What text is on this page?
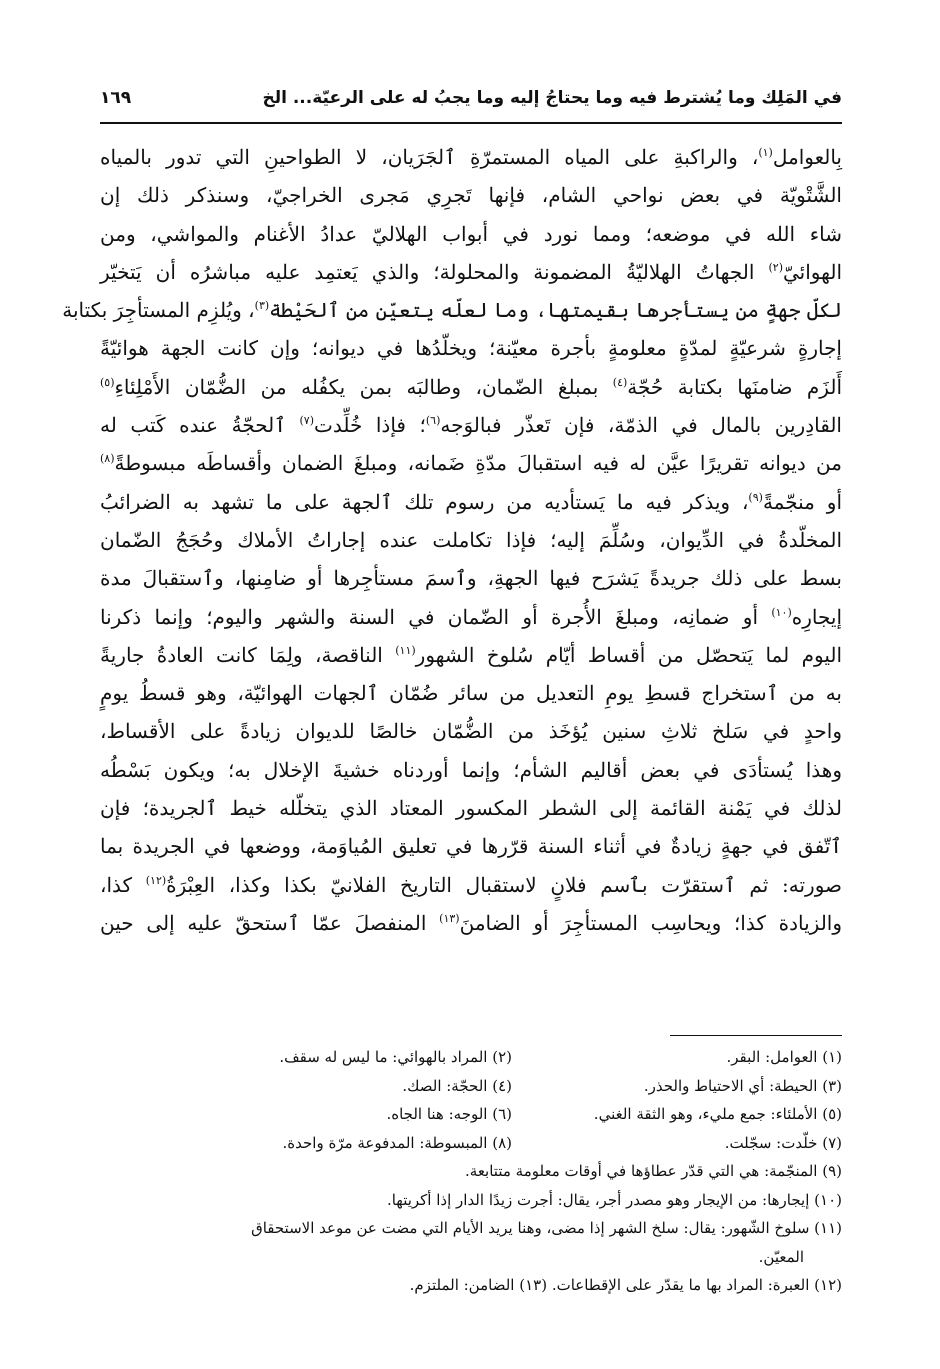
في المَلِك وما يُشترط فيه وما يحتاجُ إليه وما يجبُ له على الرعيّة... الخ
١٦٩
بِالعوامل$^{(١)}$، والراكبةِ على المياه المستمرّةِ ٱلجَرَيان، لا الطواحينِ التي تدور بالمياه
الشَّتْويّة في بعض نواحي الشام، فإنها تَجرِي مَجرى الخراجيّ، وسنذكر ذلك إن
شاء الله في موضعه؛ ومما نورد في أبواب الهلاليّ عدادُ الأغنام والمواشي، ومن
الهوائيّ$^{(٢)}$ الجهاتُ الهلاليّةُ المضمونة والمحلولة؛ والذي يَعتمِد عليه مباشرُه أن يَتخيّر
لكلّ جهةٍ من يستأجرها بقيمتها، وما لعلّه يتعيّن من ٱلحَيْطة$^{(٣)}$، ويُلزِم المستأجِرَ بكتابة
إجارةٍ شرعيّةٍ لمدّةٍ معلومةٍ بأجرة معيّنة؛ ويخلّدُها في ديوانه؛ وإن كانت الجهة هوائيّةً
أَلزَم ضامنَها بكتابة حُجّة$^{(٤)}$ بمبلغ الضّمان، وطالبَه بمن يكفُله من الضُّمّان الأَمْلِئاءِ$^{(٥)}$
القادِرين بالمال في الذمّة، فإن تَعذّر فبالوَجه$^{(٦)}$؛ فإذا خُلِّدت$^{(٧)}$ ٱلحجّةُ عنده كَتب له
من ديوانه تقريرًا عيَّن له فيه استقبالَ مدّةِ ضَمانه، ومبلغَ الضمان وأقساطَه مبسوطةً$^{(٨)}$
أو منجّمةً$^{(٩)}$، ويذكر فيه ما يَستأديه من رسوم تلك ٱلجهة على ما تشهد به الضرائبُ
المخلّدةُ في الدِّيوان، وسُلِّمَ إليه؛ فإذا تكاملت عنده إجاراتُ الأملاك وحُجَجُ الضّمان
بسط على ذلك جريدةً يَشرَح فيها الجهةِ، وٱسمَ مستأجِرها أو ضامِنها، وٱستقبالَ مدة
إيجارِه$^{(١٠)}$ أو ضمانِه، ومبلغَ الأُجرة أو الضّمان في السنة والشهر واليوم؛ وإنما ذكرنا
اليوم لما يَتحصّل من أقساط أيّام سُلوخ الشهور$^{(١١)}$ الناقصة، ولِمَا كانت العادةُ جاريةً
به من ٱستخراج قسطِ يومِ التعديل من سائر ضُمّان ٱلجهات الهوائيّة، وهو قسطُ يومٍ
واحدٍ في سَلخ ثلاثِ سنين يُؤخَذ من الضُّمّان خالصًا للديوان زيادةً على الأقساط،
وهذا يُستأدَى في بعض أقاليم الشأم؛ وإنما أوردناه خشيةَ الإخلال به؛ ويكون بَسْطُه
لذلك في يَمْنة القائمة إلى الشطر المكسور المعتاد الذي يتخلّله خيط ٱلجريدة؛ فإن
ٱتّفق في جهةٍ زيادةٌ في أثناء السنة قرّرها في تعليق المُياوَمة، ووضعها في الجريدة بما
صورته: ثم ٱستقرّت بٱسم فلانٍ لاستقبال التاريخ الفلانيّ بكذا وكذا، العِبْرَةُ$^{(١٢)}$ كذا،
والزيادة كذا؛ ويحاسِب المستأجِرَ أو الضامنَ$^{(١٣)}$ المنفصلَ عمّا ٱستحقّ عليه إلى حين
(١) العوامل: البقر.
(٢) المراد بالهوائي: ما ليس له سقف.
(٣) الحيطة: أي الاحتياط والحذر.
(٤) الحجّة: الصك.
(٥) الأملئاء: جمع مليء، وهو الثقة الغني.
(٦) الوجه: هنا الجاه.
(٧) خلّدت: سجّلت.
(٨) المبسوطة: المدفوعة مرّة واحدة.
(٩) المنجّمة: هي التي قدّر عطاؤها في أوقات معلومة متتابعة.
(١٠) إيجارها: من الإيجار وهو مصدر أجر، يقال: أجرت زيدًا الدار إذا أكريتها.
(١١) سلوخ الشّهور: يقال: سلخ الشهر إذا مضى، وهنا يريد الأيام التي مضت عن موعد الاستحقاق
المعيّن.
(١٢) العبرة: المراد بها ما يقدّر على الإقطاعات. (١٣) الضامن: الملتزم.
